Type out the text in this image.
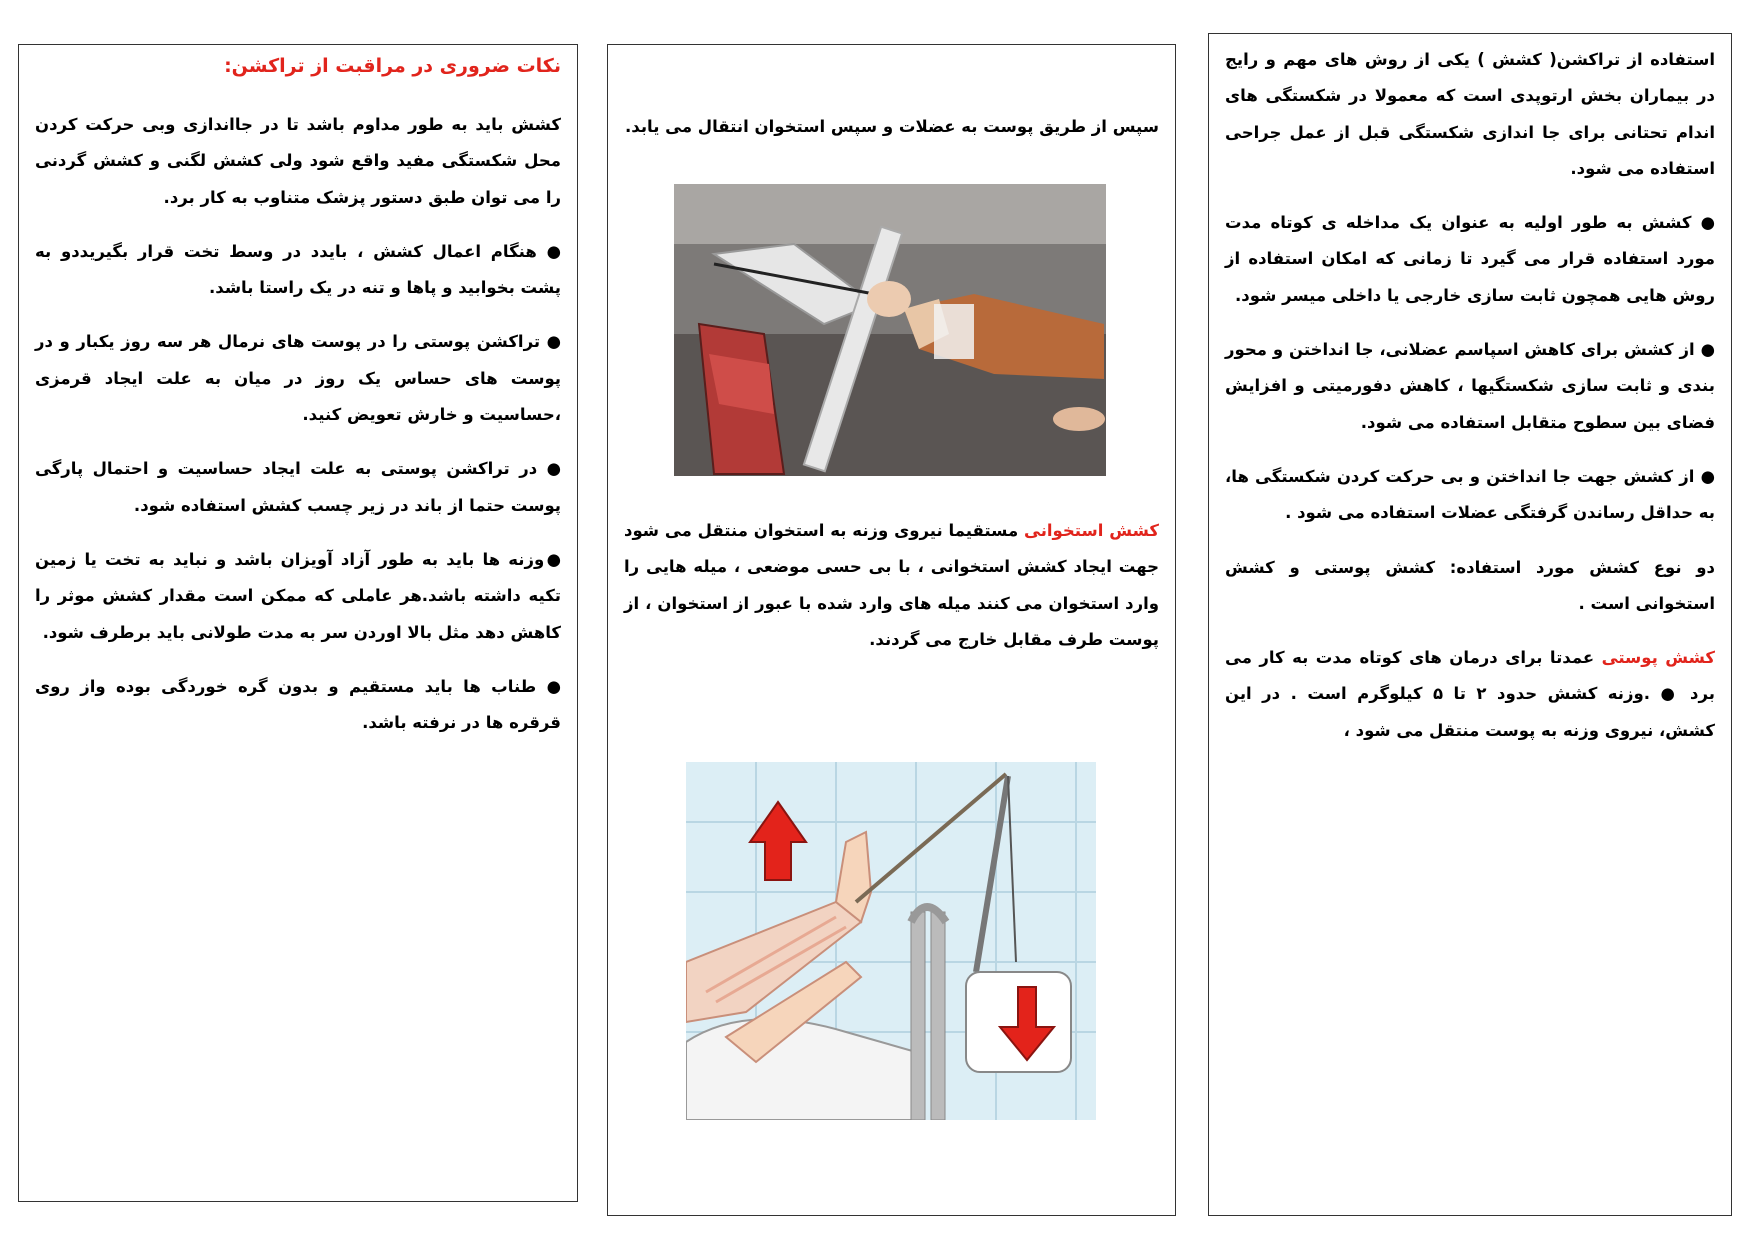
نکات ضروری در مراقبت از تراکشن:

کشش باید به طور مداوم باشد تا در جااندازی وبی حرکت کردن محل شکستگی مفید واقع شود ولی کشش لگنی و کشش گردنی را می توان طبق دستور پزشک متناوب به کار برد.

● هنگام اعمال کشش ، بایدد در وسط تخت قرار بگیریددو به پشت بخوابید و پاها و تنه در یک راستا باشد.

● تراکشن پوستی را در پوست های نرمال هر سه روز یکبار و در پوست های حساس یک روز در میان به علت ایجاد قرمزی ،حساسیت و خارش تعویض کنید.

● در تراکشن پوستی به علت ایجاد حساسیت و احتمال پارگی پوست حتما از باند در زیر چسب کشش استفاده شود.

●وزنه ها باید به طور آزاد آویزان باشد و نباید به تخت یا زمین تکیه داشته باشد.هر عاملی که ممکن است مقدار کشش موثر را کاهش دهد مثل بالا اوردن سر به مدت طولانی باید برطرف شود.

● طناب ها باید مستقیم و بدون گره خوردگی بوده واز روی قرقره ها در نرفته باشد.

سپس از طریق پوست به عضلات و سپس استخوان انتقال می یابد.

کشش استخوانی مستقیما نیروی وزنه به استخوان منتقل می شود جهت ایجاد کشش استخوانی ، با بی حسی موضعی ، میله هایی را وارد استخوان می کنند میله های وارد شده با عبور از استخوان ، از پوست طرف مقابل خارج می گردند.

استفاده از تراکشن( کشش ) یکی از روش های مهم و رایج در بیماران بخش ارتوپدی است که معمولا در شکستگی های اندام تحتانی برای جا اندازی شکستگی قبل از عمل جراحی استفاده می شود.

● کشش به طور اولیه به عنوان یک مداخله ی کوتاه مدت مورد استفاده قرار می گیرد تا زمانی که امکان استفاده از روش هایی همچون ثابت سازی خارجی یا داخلی میسر شود.

● از کشش برای کاهش اسپاسم عضلانی، جا انداختن و محور بندی و ثابت سازی شکستگیها ، کاهش دفورمیتی و افزایش فضای بین سطوح متقابل استفاده می شود.

● از کشش جهت جا انداختن و بی حرکت کردن شکستگی ها، به حداقل رساندن گرفتگی عضلات استفاده می شود .

دو نوع کشش مورد استفاده: کشش پوستی و کشش استخوانی است .

کشش پوستی عمدتا برای درمان های کوتاه مدت به کار می برد ● .وزنه کشش حدود ۲ تا ۵ کیلوگرم است . در این کشش، نیروی وزنه به پوست منتقل می شود ،
